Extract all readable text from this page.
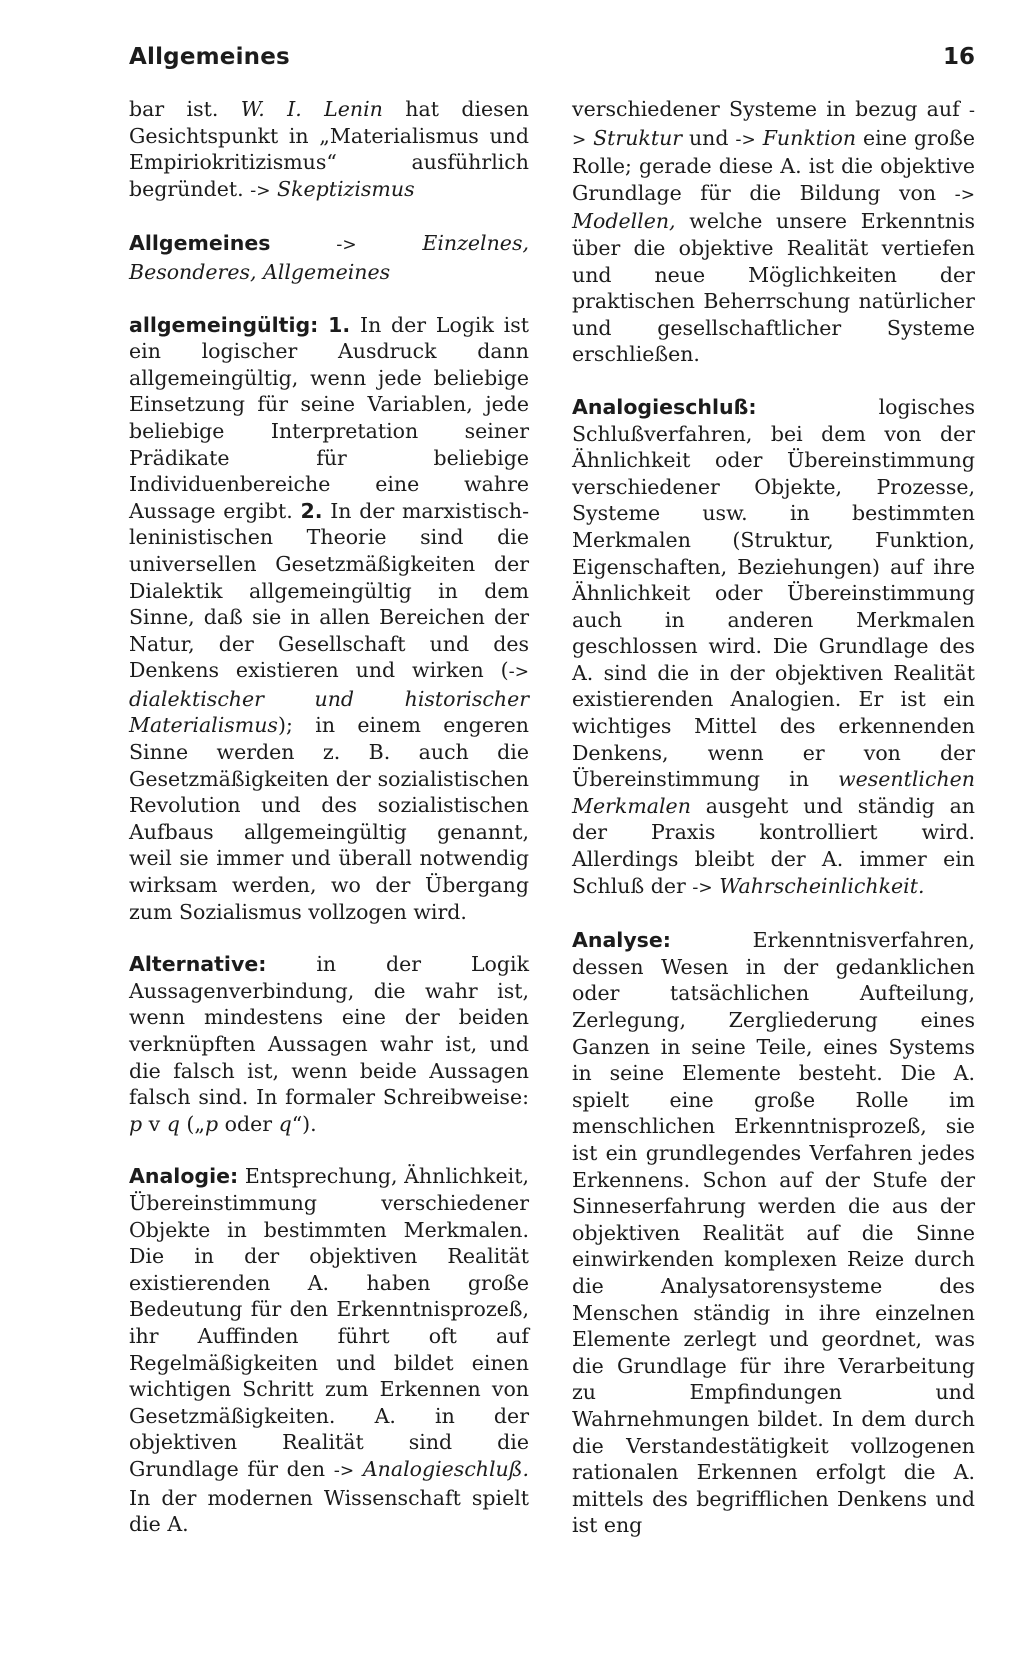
Allgemeines	16

bar ist. W. I. Lenin hat diesen Gesichtspunkt in „Materialismus und Empiriokritizismus“ ausführlich begründet. -> Skeptizismus

Allgemeines	->	Einzelnes, Besonderes, Allgemeines

allgemeingültig: 1. In der Logik ist ein logischer Ausdruck dann allgemeingültig, wenn jede beliebige Einsetzung für seine Variablen, jede beliebige Interpretation seiner Prädikate für beliebige Individuenbereiche eine wahre Aussage ergibt. 2. In der marxistisch-leninistischen Theorie sind die universellen Gesetzmäßigkeiten der Dialektik allgemeingültig in dem Sinne, daß sie in allen Bereichen der Natur, der Gesellschaft und des Denkens existieren und wirken (-> dialektischer und historischer Materialismus); in einem engeren Sinne werden z. B. auch die Gesetzmäßigkeiten der sozialistischen Revolution und des sozialistischen Aufbaus allgemeingültig genannt, weil sie immer und überall notwendig wirksam werden, wo der Übergang zum Sozialismus vollzogen wird.

Alternative: in der Logik Aussagenverbindung, die wahr ist, wenn mindestens eine der beiden verknüpften Aussagen wahr ist, und die falsch ist, wenn beide Aussagen falsch sind. In formaler Schreibweise: p v q („p oder q“).

Analogie: Entsprechung, Ähnlichkeit, Übereinstimmung verschiedener Objekte in bestimmten Merkmalen. Die in der objektiven Realität existierenden A. haben große Bedeutung für den Erkenntnisprozeß, ihr Auffinden führt oft auf Regelmäßigkeiten und bildet einen wichtigen Schritt zum Erkennen von Gesetzmäßigkeiten. A. in der objektiven Realität sind die Grundlage für den -> Analogieschluß. In der modernen Wissenschaft spielt die A.

verschiedener Systeme in bezug auf -> Struktur und -> Funktion eine große Rolle; gerade diese A. ist die objektive Grundlage für die Bildung von -> Modellen, welche unsere Erkenntnis über die objektive Realität vertiefen und neue Möglichkeiten der praktischen Beherrschung natürlicher und gesellschaftlicher Systeme erschließen.

Analogieschluß: logisches Schlußverfahren, bei dem von der Ähnlichkeit oder Übereinstimmung verschiedener Objekte, Prozesse, Systeme usw. in bestimmten Merkmalen (Struktur, Funktion, Eigenschaften, Beziehungen) auf ihre Ähnlichkeit oder Übereinstimmung auch in anderen Merkmalen geschlossen wird. Die Grundlage des A. sind die in der objektiven Realität existierenden Analogien. Er ist ein wichtiges Mittel des erkennenden Denkens, wenn er von der Übereinstimmung in wesentlichen Merkmalen ausgeht und ständig an der Praxis kontrolliert wird. Allerdings bleibt der A. immer ein Schluß der -> Wahrscheinlichkeit.

Analyse: Erkenntnisverfahren, dessen Wesen in der gedanklichen oder tatsächlichen Aufteilung, Zerlegung, Zergliederung eines Ganzen in seine Teile, eines Systems in seine Elemente besteht. Die A. spielt eine große Rolle im menschlichen Erkenntnisprozeß, sie ist ein grundlegendes Verfahren jedes Erkennens. Schon auf der Stufe der Sinneserfahrung werden die aus der objektiven Realität auf die Sinne einwirkenden komplexen Reize durch die Analysatorensysteme des Menschen ständig in ihre einzelnen Elemente zerlegt und geordnet, was die Grundlage für ihre Verarbeitung zu Empfindungen und Wahrnehmungen bildet. In dem durch die Verstandestätigkeit vollzogenen rationalen Erkennen erfolgt die A. mittels des begrifflichen Denkens und ist eng
